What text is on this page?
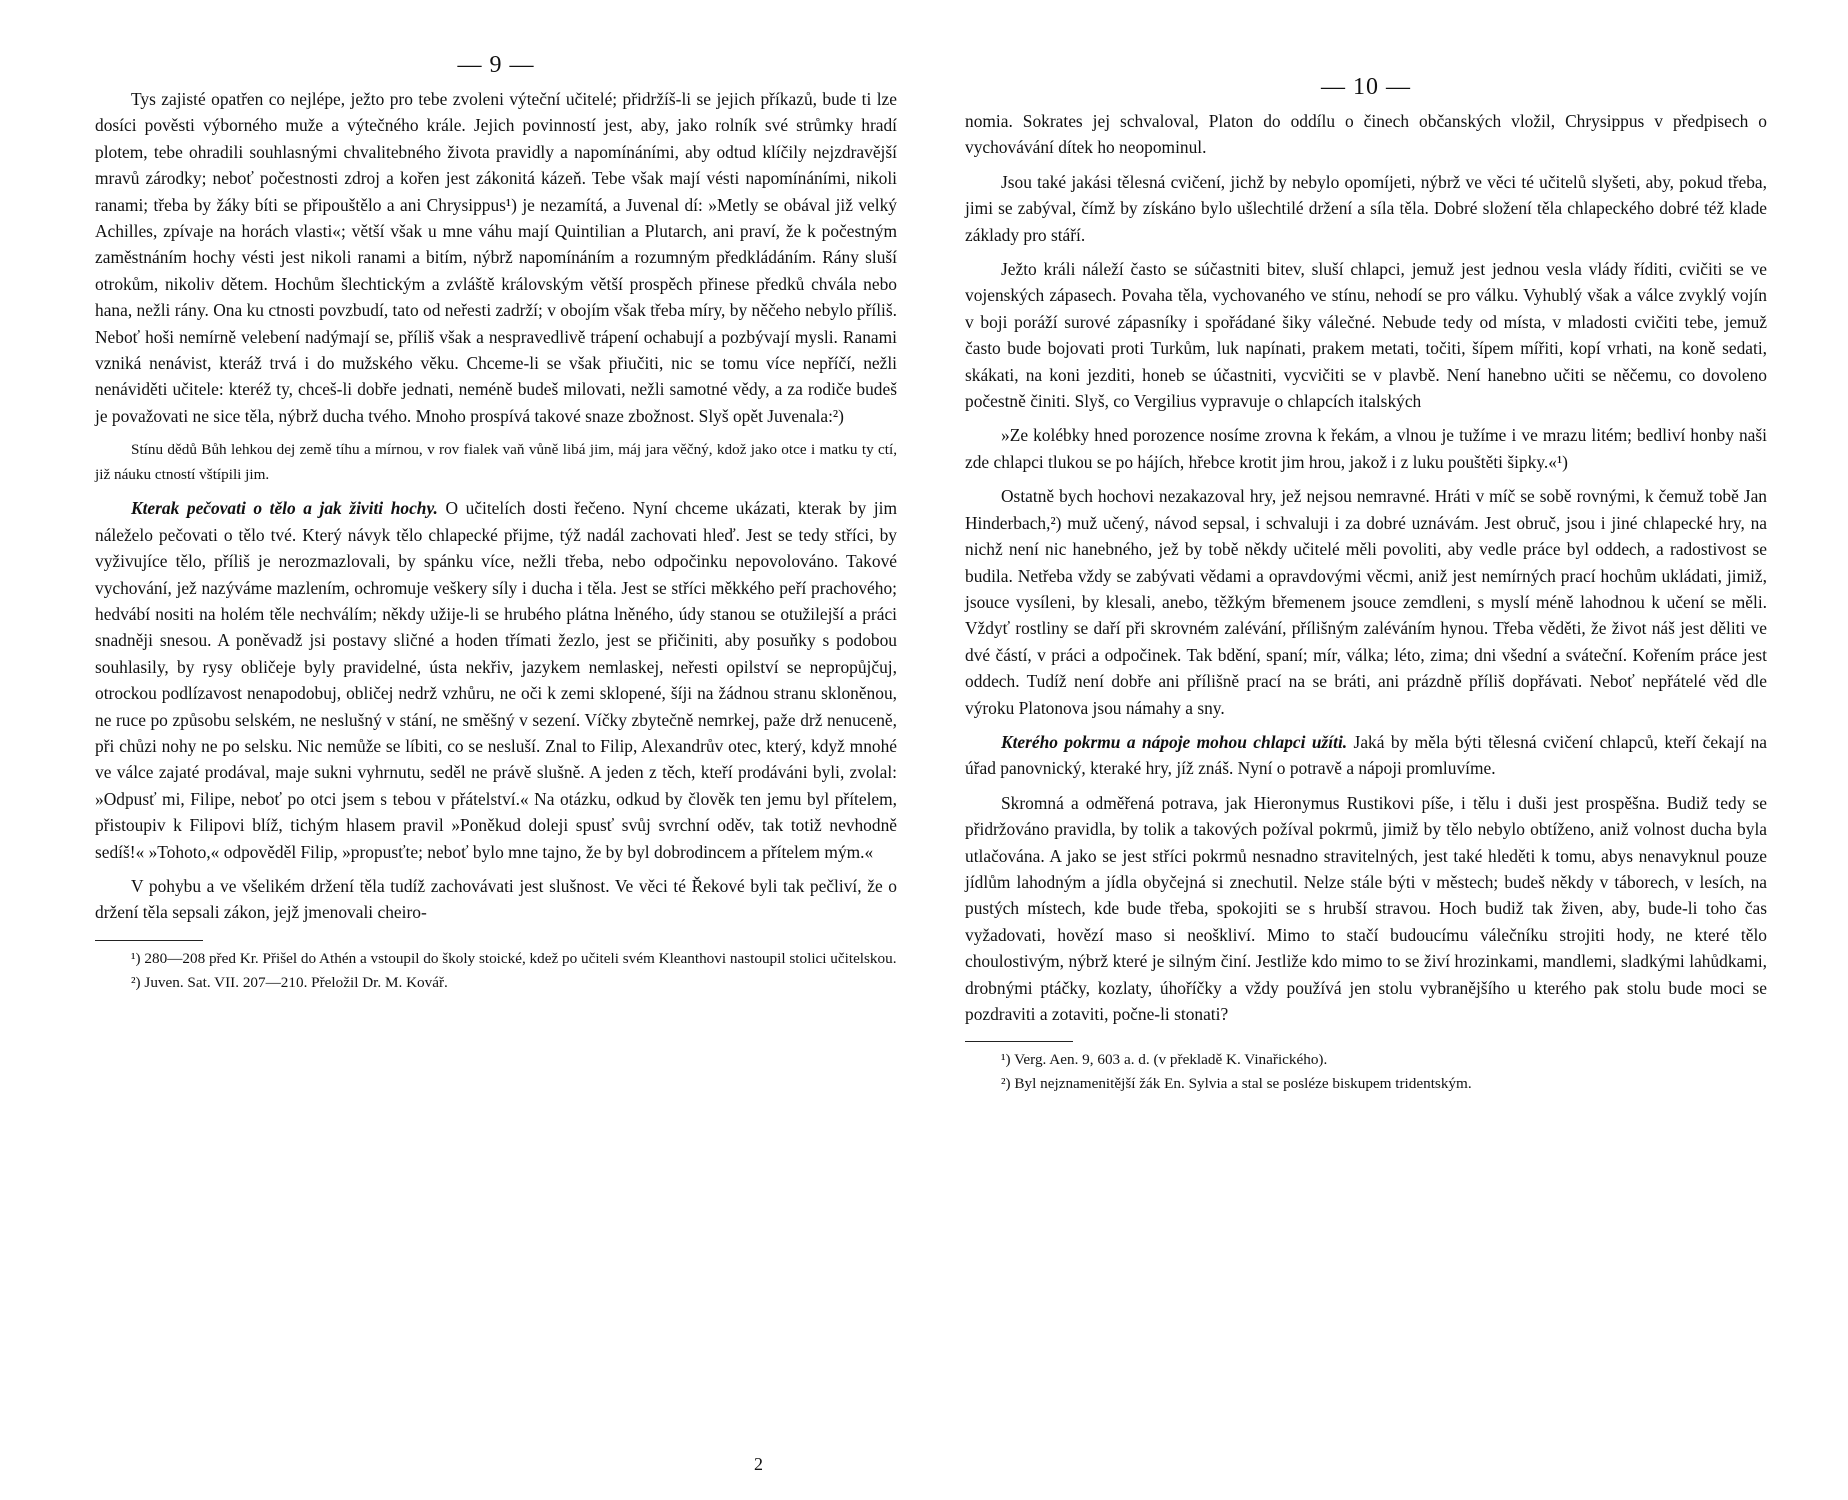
— 9 —

Tys zajisté opatřen co nejlépe, ježto pro tebe zvoleni výteční učitelé; přidržíš-li se jejich příkazů, bude ti lze dosíci pověsti výborného muže a výtečného krále. Jejich povinností jest, aby, jako rolník své strůmky hradí plotem, tebe ohradili souhlasnými chvalitebného života pravidly a napomínáními, aby odtud klíčily nejzdravější mravů zárodky; neboť počestnosti zdroj a kořen jest zákonitá kázeň. Tebe však mají vésti napomínáními, nikoli ranami; třeba by žáky bíti se připouštělo a ani Chrysippus¹) je nezamítá, a Juvenal dí: »Metly se obával již velký Achilles, zpívaje na horách vlasti«; větší však u mne váhu mají Quintilian a Plutarch, ani praví, že k počestným zaměstnáním hochy vésti jest nikoli ranami a bitím, nýbrž napomínáním a rozumným předkládáním. Rány sluší otrokům, nikoliv dětem. Hochům šlechtickým a zvláště královským větší prospěch přinese předků chvála nebo hana, nežli rány. Ona ku ctnosti povzbudí, tato od neřesti zadrží; v obojím však třeba míry, by něčeho nebylo příliš. Neboť hoši nemírně velebení nadýmají se, příliš však a nespravedlivě trápení ochabují a pozbývají mysli. Ranami vzniká nenávist, kteráž trvá i do mužského věku. Chceme-li se však přiučiti, nic se tomu více nepříčí, nežli nenáviděti učitele: kteréž ty, chceš-li dobře jednati, neméně budeš milovati, nežli samotné vědy, a za rodiče budeš je považovati ne sice těla, nýbrž ducha tvého. Mnoho prospívá takové snaze zbožnost. Slyš opět Juvenala:²)

Stínu dědů Bůh lehkou dej země tíhu a mírnou, v rov fialek vaň vůně libá jim, máj jara věčný, kdož jako otce i matku ty ctí, již náuku ctností vštípili jim.

Kterak pečovati o tělo a jak živiti hochy. O učitelích dosti řečeno. Nyní chceme ukázati, kterak by jim náleželo pečovati o tělo tvé. Který návyk tělo chlapecké přijme, týž nadál zachovati hleď. Jest se tedy stříci, by vyživujíce tělo, příliš je nerozmazlovali, by spánku více, nežli třeba, nebo odpočinku nepovolováno. Takové vychování, jež nazýváme mazlením, ochromuje veškery síly i ducha i těla. Jest se stříci měkkého peří prachového; hedvábí nositi na holém těle nechválím; někdy užije-li se hrubého plátna lněného, údy stanou se otužilejší a práci snadněji snesou. A poněvadž jsi postavy sličné a hoden třímati žezlo, jest se přičiniti, aby posuňky s podobou souhlasily, by rysy obličeje byly pravidelné, ústa nekřiv, jazykem nemlaskej, neřesti opilství se nepropůjčuj, otrockou podlízavost nenapodobuj, obličej nedrž vzhůru, ne oči k zemi sklopené, šíji na žádnou stranu skloněnou, ne ruce po způsobu selském, ne neslušný v stání, ne směšný v sezení. Víčky zbytečně nemrkej, paže drž nenuceně, při chůzi nohy ne po selsku. Nic nemůže se líbiti, co se nesluší. Znal to Filip, Alexandrův otec, který, když mnohé ve válce zajaté prodával, maje sukni vyhrnutu, seděl ne právě slušně. A jeden z těch, kteří prodáváni byli, zvolal: »Odpusť mi, Filipe, neboť po otci jsem s tebou v přátelství.« Na otázku, odkud by člověk ten jemu byl přítelem, přistoupiv k Filipovi blíž, tichým hlasem pravil »Poněkud doleji spusť svůj svrchní oděv, tak totiž nevhodně sedíš!« »Tohoto,« odpověděl Filip, »propusťte; neboť bylo mne tajno, že by byl dobrodincem a přítelem mým.«

V pohybu a ve všelikém držení těla tudíž zachovávati jest slušnost. Ve věci té Řekové byli tak pečliví, že o držení těla sepsali zákon, jejž jmenovali cheiro-

¹) 280—208 před Kr. Přišel do Athén a vstoupil do školy stoické, kdež po učiteli svém Kleanthovi nastoupil stolici učitelskou.

²) Juven. Sat. VII. 207—210. Přeložil Dr. M. Kovář.

2
— 10 —

nomia. Sokrates jej schvaloval, Platon do oddílu o činech občanských vložil, Chrysippus v předpisech o vychovávání dítek ho neopominul.

Jsou také jakási tělesná cvičení, jichž by nebylo opomíjeti, nýbrž ve věci té učitelů slyšeti, aby, pokud třeba, jimi se zabýval, čímž by získáno bylo ušlechtilé držení a síla těla. Dobré složení těla chlapeckého dobré též klade základy pro stáří.

Ježto králi náleží často se súčastniti bitev, sluší chlapci, jemuž jest jednou vesla vlády říditi, cvičiti se ve vojenských zápasech. Povaha těla, vychovaného ve stínu, nehodí se pro válku. Vyhublý však a válce zvyklý vojín v boji poráží surové zápasníky i spořádané šiky válečné. Nebude tedy od místa, v mladosti cvičiti tebe, jemuž často bude bojovati proti Turkům, luk napínati, prakem metati, točiti, šípem mířiti, kopí vrhati, na koně sedati, skákati, na koni jezditi, honeb se účastniti, vycvičiti se v plavbě. Není hanebno učiti se něčemu, co dovoleno počestně činiti. Slyš, co Vergilius vypravuje o chlapcích italských

»Ze kolébky hned porozence nosíme zrovna k řekám, a vlnou je tužíme i ve mrazu litém; bedliví honby naši zde chlapci tlukou se po hájích, hřebce krotit jim hrou, jakož i z luku pouštěti šipky.«¹)

Ostatně bych hochovi nezakazoval hry, jež nejsou nemravné. Hráti v míč se sobě rovnými, k čemuž tobě Jan Hinderbach,²) muž učený, návod sepsal, i schvaluji i za dobré uznávám. Jest obruč, jsou i jiné chlapecké hry, na nichž není nic hanebného, jež by tobě někdy učitelé měli povoliti, aby vedle práce byl oddech, a radostivost se budila. Netřeba vždy se zabývati vědami a opravdovými věcmi, aniž jest nemírných prací hochům ukládati, jimiž, jsouce vysíleni, by klesali, anebo, těžkým břemenem jsouce zemdleni, s myslí méně lahodnou k učení se měli. Vždyť rostliny se daří při skrovném zalévání, přílišným zaléváním hynou. Třeba věděti, že život náš jest děliti ve dvé částí, v práci a odpočinek. Tak bdění, spaní; mír, válka; léto, zima; dni všední a sváteční. Kořením práce jest oddech. Tudíž není dobře ani přílišně prací na se bráti, ani prázdně příliš dopřávati. Neboť nepřátelé věd dle výroku Platonova jsou námahy a sny.

Kterého pokrmu a nápoje mohou chlapci užíti. Jaká by měla býti tělesná cvičení chlapců, kteří čekají na úřad panovnický, kteraké hry, jíž znáš. Nyní o potravě a nápoji promluvíme.

Skromná a odměřená potrava, jak Hieronymus Rustikovi píše, i tělu i duši jest prospěšna. Budiž tedy se přidržováno pravidla, by tolik a takových požíval pokrmů, jimiž by tělo nebylo obtíženo, aniž volnost ducha byla utlačována. A jako se jest stříci pokrmů nesnadno stravitelných, jest také hleděti k tomu, abys nenavyknul pouze jídlům lahodným a jídla obyčejná si znechutil. Nelze stále býti v městech; budeš někdy v táborech, v lesích, na pustých místech, kde bude třeba, spokojiti se s hrubší stravou. Hoch budiž tak živen, aby, bude-li toho čas vyžadovati, hovězí maso si neoškliví. Mimo to stačí budoucímu válečníku strojiti hody, ne které tělo choulostivým, nýbrž které je silným činí. Jestliže kdo mimo to se živí hrozinkami, mandlemi, sladkými lahůdkami, drobnými ptáčky, kozlaty, úhoříčky a vždy používá jen stolu vybranějšího u kterého pak stolu bude moci se pozdraviti a zotaviti, počne-li stonati?

¹) Verg. Aen. 9, 603 a. d. (v překladě K. Vinařického).

²) Byl nejznamenitější žák En. Sylvia a stal se posléze biskupem tridentským.
